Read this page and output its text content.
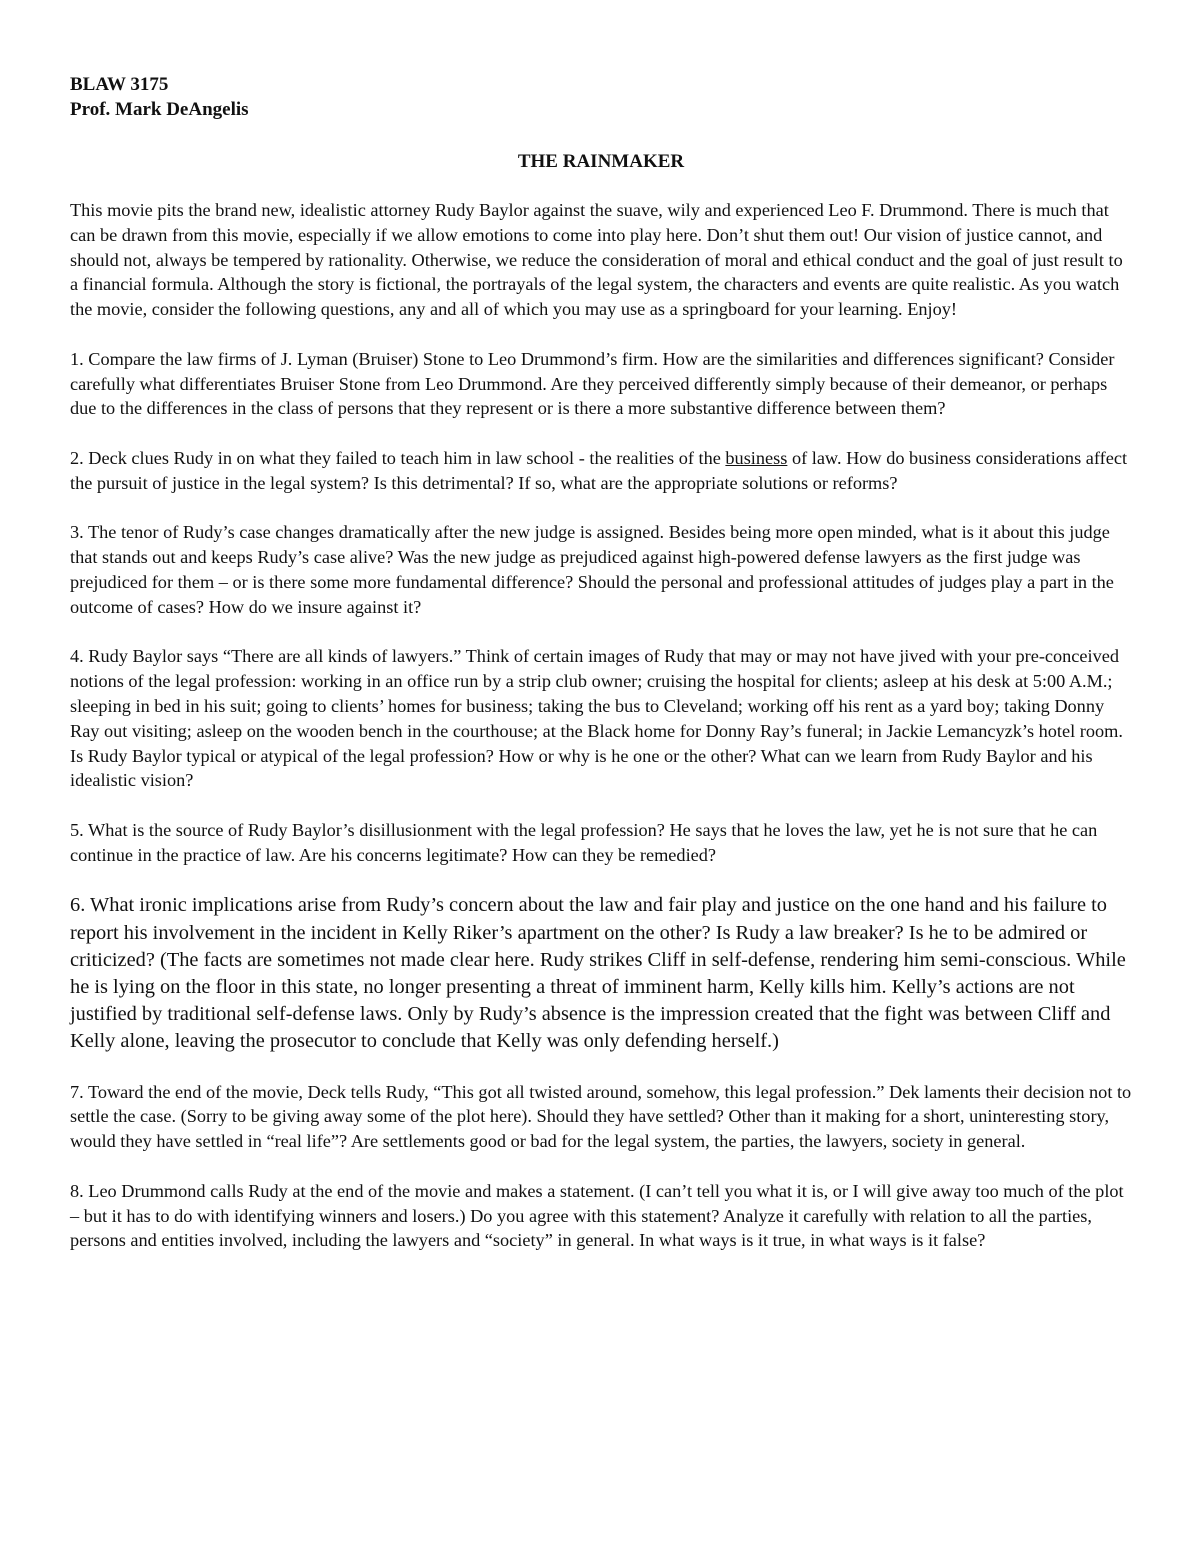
BLAW 3175
Prof. Mark DeAngelis
THE RAINMAKER

This movie pits the brand new, idealistic attorney Rudy Baylor against the suave, wily and experienced Leo F. Drummond. There is much that can be drawn from this movie, especially if we allow emotions to come into play here. Don’t shut them out! Our vision of justice cannot, and should not, always be tempered by rationality. Otherwise, we reduce the consideration of moral and ethical conduct and the goal of just result to a financial formula. Although the story is fictional, the portrayals of the legal system, the characters and events are quite realistic. As you watch the movie, consider the following questions, any and all of which you may use as a springboard for your learning. Enjoy!

1. Compare the law firms of J. Lyman (Bruiser) Stone to Leo Drummond’s firm. How are the similarities and differences significant? Consider carefully what differentiates Bruiser Stone from Leo Drummond. Are they perceived differently simply because of their demeanor, or perhaps due to the differences in the class of persons that they represent or is there a more substantive difference between them?

2. Deck clues Rudy in on what they failed to teach him in law school - the realities of the business of law. How do business considerations affect the pursuit of justice in the legal system? Is this detrimental? If so, what are the appropriate solutions or reforms?

3. The tenor of Rudy’s case changes dramatically after the new judge is assigned. Besides being more open minded, what is it about this judge that stands out and keeps Rudy’s case alive? Was the new judge as prejudiced against high-powered defense lawyers as the first judge was prejudiced for them – or is there some more fundamental difference? Should the personal and professional attitudes of judges play a part in the outcome of cases? How do we insure against it?

4. Rudy Baylor says “There are all kinds of lawyers.” Think of certain images of Rudy that may or may not have jived with your pre-conceived notions of the legal profession: working in an office run by a strip club owner; cruising the hospital for clients; asleep at his desk at 5:00 A.M.; sleeping in bed in his suit; going to clients’ homes for business; taking the bus to Cleveland; working off his rent as a yard boy; taking Donny Ray out visiting; asleep on the wooden bench in the courthouse; at the Black home for Donny Ray’s funeral; in Jackie Lemancyzk’s hotel room. Is Rudy Baylor typical or atypical of the legal profession? How or why is he one or the other? What can we learn from Rudy Baylor and his idealistic vision?

5. What is the source of Rudy Baylor’s disillusionment with the legal profession? He says that he loves the law, yet he is not sure that he can continue in the practice of law. Are his concerns legitimate? How can they be remedied?

6. What ironic implications arise from Rudy’s concern about the law and fair play and justice on the one hand and his failure to report his involvement in the incident in Kelly Riker’s apartment on the other? Is Rudy a law breaker? Is he to be admired or criticized? (The facts are sometimes not made clear here. Rudy strikes Cliff in self-defense, rendering him semi-conscious. While he is lying on the floor in this state, no longer presenting a threat of imminent harm, Kelly kills him. Kelly’s actions are not justified by traditional self-defense laws. Only by Rudy’s absence is the impression created that the fight was between Cliff and Kelly alone, leaving the prosecutor to conclude that Kelly was only defending herself.)

7. Toward the end of the movie, Deck tells Rudy, “This got all twisted around, somehow, this legal profession.” Dek laments their decision not to settle the case. (Sorry to be giving away some of the plot here). Should they have settled? Other than it making for a short, uninteresting story, would they have settled in “real life”? Are settlements good or bad for the legal system, the parties, the lawyers, society in general.

8. Leo Drummond calls Rudy at the end of the movie and makes a statement. (I can’t tell you what it is, or I will give away too much of the plot – but it has to do with identifying winners and losers.) Do you agree with this statement? Analyze it carefully with relation to all the parties, persons and entities involved, including the lawyers and “society” in general. In what ways is it true, in what ways is it false?
